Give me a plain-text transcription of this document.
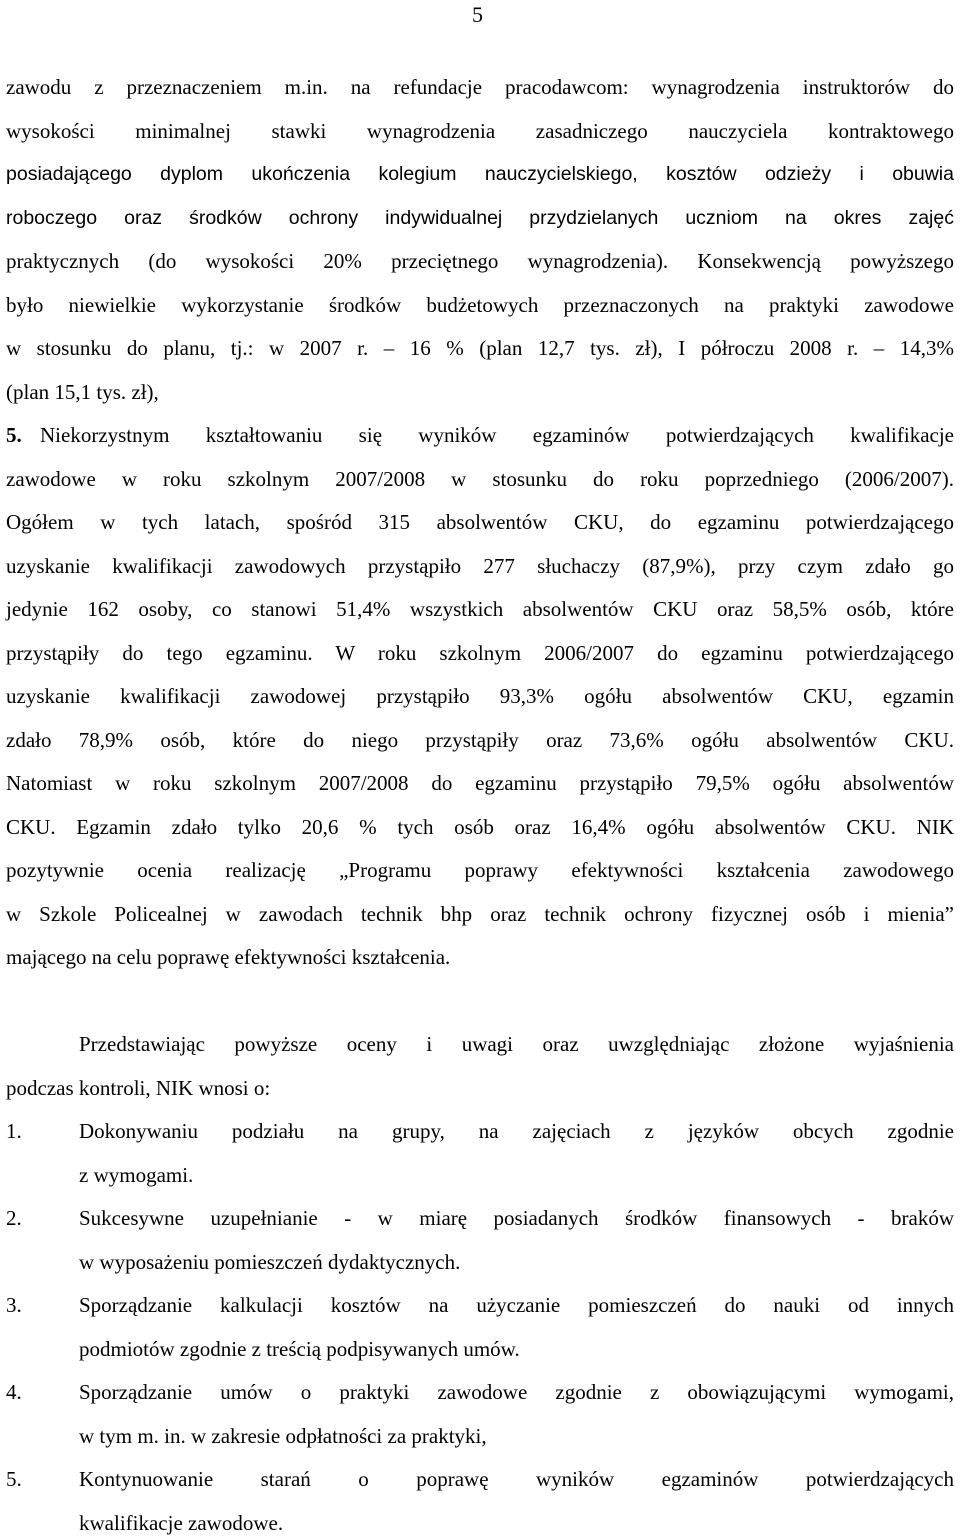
5
zawodu z przeznaczeniem m.in. na refundacje pracodawcom: wynagrodzenia instruktorów do
wysokości minimalnej stawki wynagrodzenia zasadniczego nauczyciela kontraktowego
posiadającego dyplom ukończenia kolegium nauczycielskiego, kosztów odzieży i obuwia
roboczego oraz środków ochrony indywidualnej przydzielanych uczniom na okres zajęć
praktycznych (do wysokości 20% przeciętnego wynagrodzenia). Konsekwencją powyższego
było niewielkie wykorzystanie środków budżetowych przeznaczonych na praktyki zawodowe
w stosunku do planu, tj.: w 2007 r. – 16 % (plan 12,7 tys. zł), I półroczu 2008 r. – 14,3%
(plan 15,1 tys. zł),
5. Niekorzystnym kształtowaniu się wyników egzaminów potwierdzających kwalifikacje
zawodowe w roku szkolnym 2007/2008 w stosunku do roku poprzedniego (2006/2007).
Ogółem w tych latach, spośród 315 absolwentów CKU, do egzaminu potwierdzającego
uzyskanie kwalifikacji zawodowych przystąpiło 277 słuchaczy (87,9%), przy czym zdało go
jedynie 162 osoby, co stanowi 51,4% wszystkich absolwentów CKU oraz 58,5% osób, które
przystąpiły do tego egzaminu. W roku szkolnym 2006/2007 do egzaminu potwierdzającego
uzyskanie kwalifikacji zawodowej przystąpiło 93,3% ogółu absolwentów CKU, egzamin
zdało 78,9% osób, które do niego przystąpiły oraz 73,6% ogółu absolwentów CKU.
Natomiast w roku szkolnym 2007/2008 do egzaminu przystąpiło 79,5% ogółu absolwentów
CKU. Egzamin zdało tylko 20,6 % tych osób oraz 16,4% ogółu absolwentów CKU. NIK
pozytywnie ocenia realizację „Programu poprawy efektywności kształcenia zawodowego
w Szkole Policealnej w zawodach technik bhp oraz technik ochrony fizycznej osób i mienia”
mającego na celu poprawę efektywności kształcenia.
Przedstawiając powyższe oceny i uwagi oraz uwzględniając złożone wyjaśnienia
podczas kontroli, NIK wnosi o:
1.	Dokonywaniu podziału na grupy, na zajęciach z języków obcych zgodnie
z wymogami.
2.	Sukcesywne uzupełnianie - w miarę posiadanych środków finansowych - braków
w wyposażeniu pomieszczeń dydaktycznych.
3.	Sporządzanie kalkulacji kosztów na użyczanie pomieszczeń do nauki od innych
podmiotów zgodnie z treścią podpisywanych umów.
4.	Sporządzanie umów o praktyki zawodowe zgodnie z obowiązującymi wymogami,
w tym m. in. w zakresie odpłatności za praktyki,
5.	Kontynuowanie starań o poprawę wyników egzaminów potwierdzających
kwalifikacje zawodowe.
